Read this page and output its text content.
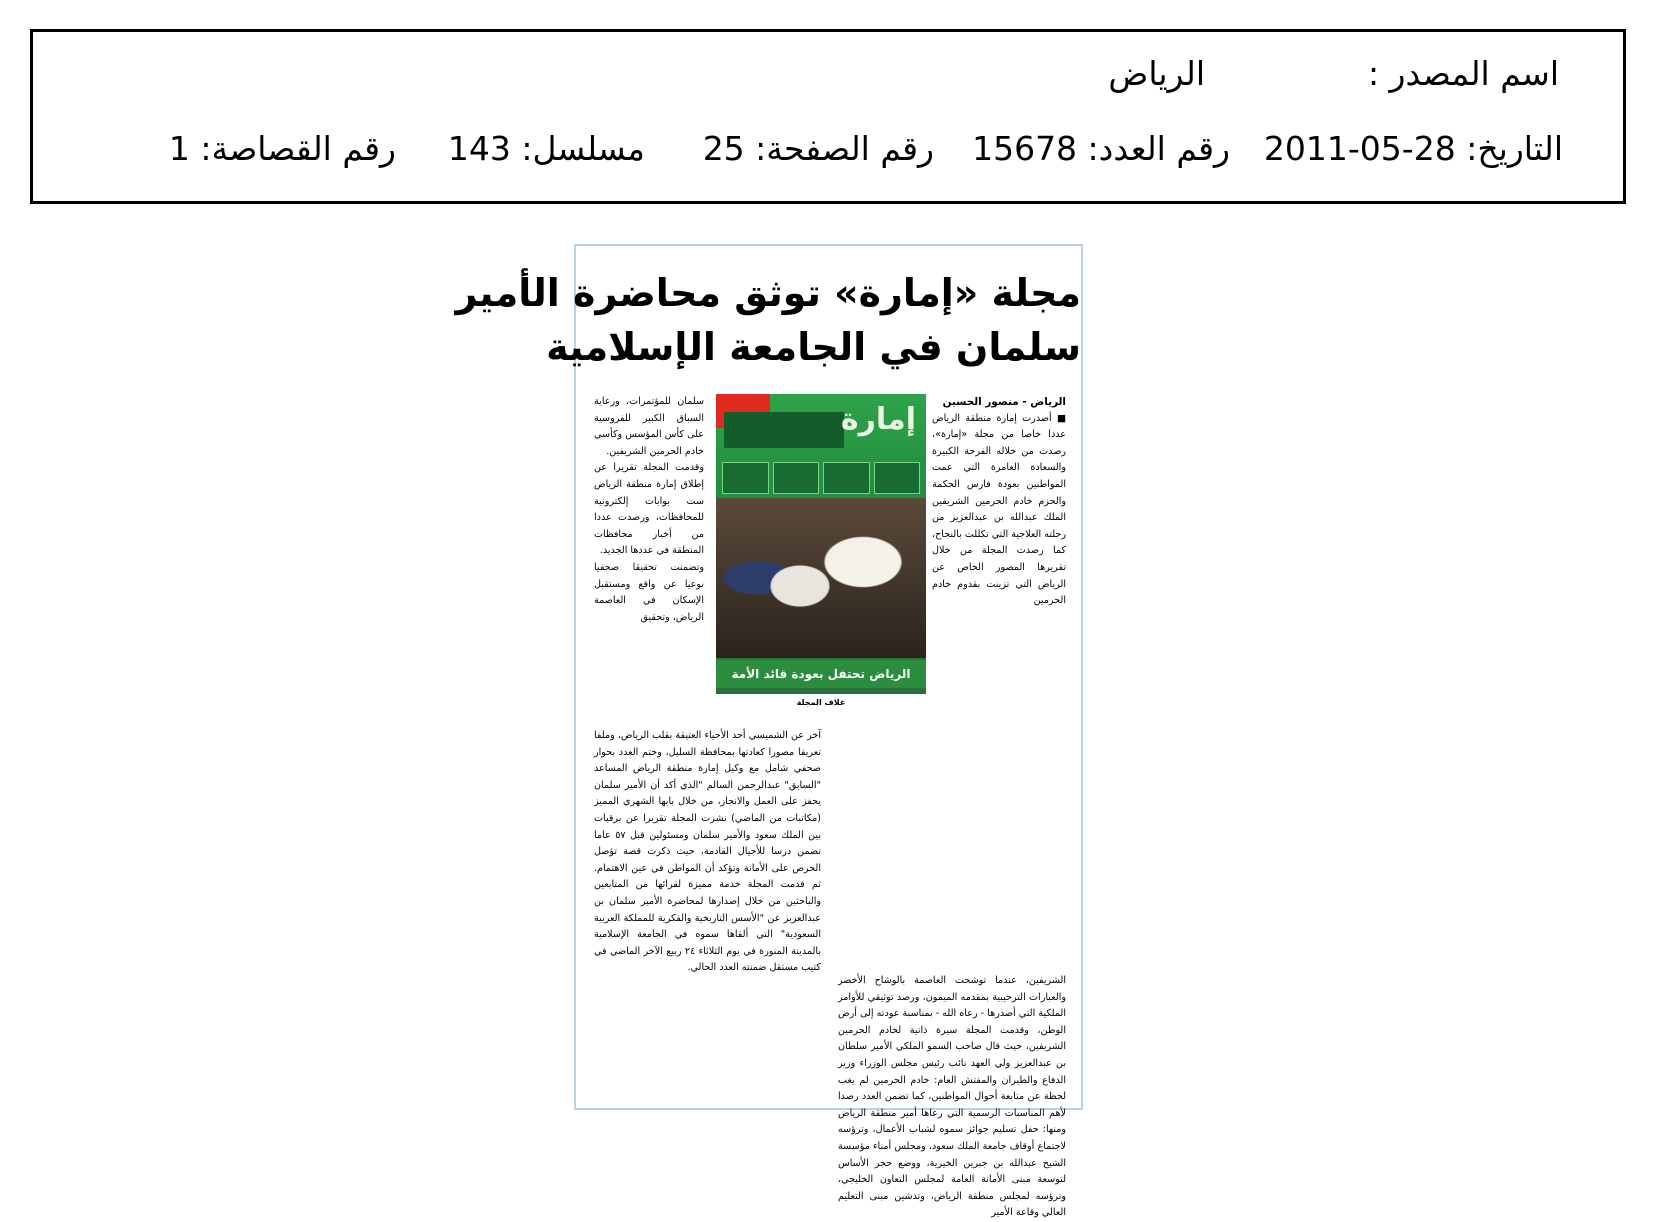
اسم المصدر :
الرياض
التاريخ: 28-05-2011
رقم العدد: 15678
رقم الصفحة: 25
مسلسل: 143
رقم القصاصة: 1
مجلة «إمارة» توثق محاضرة الأمير
سلمان في الجامعة الإسلامية

الرياض - منصور الحسين

■ أصدرت إمارة منطقة الرياض عددا خاصا من مجلة «إمارة»، رصدت من خلاله الفرحة الكبيرة والسعادة الغامرة التي عمت المواطنين بعودة فارس الحكمة والحزم خادم الحرمين الشريفين الملك عبدالله بن عبدالعزيز من رحلته العلاجية التي تكللت بالنجاح، كما رصدت المجلة من خلال تقريرها المصور الخاص عن الرياض التي تزينت بقدوم خادم الحرمين

إمارة
الرياض تحتفل بعودة قائد الأمة
غلاف المجلة

سلمان للمؤتمرات، ورعاية السباق الكبير للفروسية على كأس المؤسس وكأسي خادم الحرمين الشريفين.

وقدمت المجلة تقريرا عن إطلاق إمارة منطقة الرياض ست بوابات إلكترونية للمحافظات، ورصدت عددا من أخبار محافظات المنطقة في عددها الجديد.

وتضمنت تحقيقا صحفيا نوعيا عن واقع ومستقبل الإسكان في العاصمة الرياض، وتحقيق

آخر عن الشميسي أحد الأحياء العتيقة بقلب الرياض، وملفا تعريفا مصورا كعادتها بمحافظة السليل، وختم العدد بحوار صحفي شامل مع وكيل إمارة منطقة الرياض المساعد "السابق" عبدالرحمن السالم "الذي أكد أن الأمير سلمان يحفز على العمل والانجاز، من خلال بابها الشهري المميز (مكاتبات من الماضي) نشرت المجلة تقريرا عن برقيات بين الملك سعود والأمير سلمان ومسئولين قبل ٥٧ عاما تضمن درسا للأجيال القادمة، حيث ذكرت قصة تؤصل الحرص على الأمانة وتؤكد أن المواطن في عين الاهتمام. ثم قدمت المجلة خدمة مميزة لقرائها من المتابعين والباحثين من خلال إصدارها لمحاضرة الأمير سلمان بن عبدالعزيز عن "الأسس التاريخية والفكرية للمملكة العربية السعودية" التي ألقاها سموه في الجامعة الإسلامية بالمدينة المنورة في يوم الثلاثاء ٢٤ ربيع الآخر الماضي في كتيب مستقل ضمنته العدد الحالي.

الشريفين، عندما توشحت العاصمة بالوشاح الأخضر والعبارات الترحيبية بمقدمه الميمون، ورصد توثيقي للأوامر الملكية التي أصدرها - رعاه الله - بمناسبة عودته إلى أرض الوطن، وقدمت المجلة سيرة ذاتية لخادم الحرمين الشريفين، حيث قال صاحب السمو الملكي الأمير سلطان بن عبدالعزيز ولي العهد نائب رئيس مجلس الوزراء وزير الدفاع والطيران والمفتش العام: خادم الحرمين لم يغب لحظة عن متابعة أحوال المواطنين، كما تضمن العدد رصدا لأهم المناسبات الرسمية التي رعاها أمير منطقة الرياض ومنها: حفل تسليم جوائز سموه لشباب الأعمال، وترؤسه لاجتماع أوقاف جامعة الملك سعود، ومجلس أمناء مؤسسة الشيخ عبدالله بن جبرين الخيرية، ووضع حجر الأساس لتوسعة مبنى الأمانة العامة لمجلس التعاون الخليجي، وترؤسه لمجلس منطقة الرياض، وتدشين مبنى التعليم العالي وقاعة الأمير
